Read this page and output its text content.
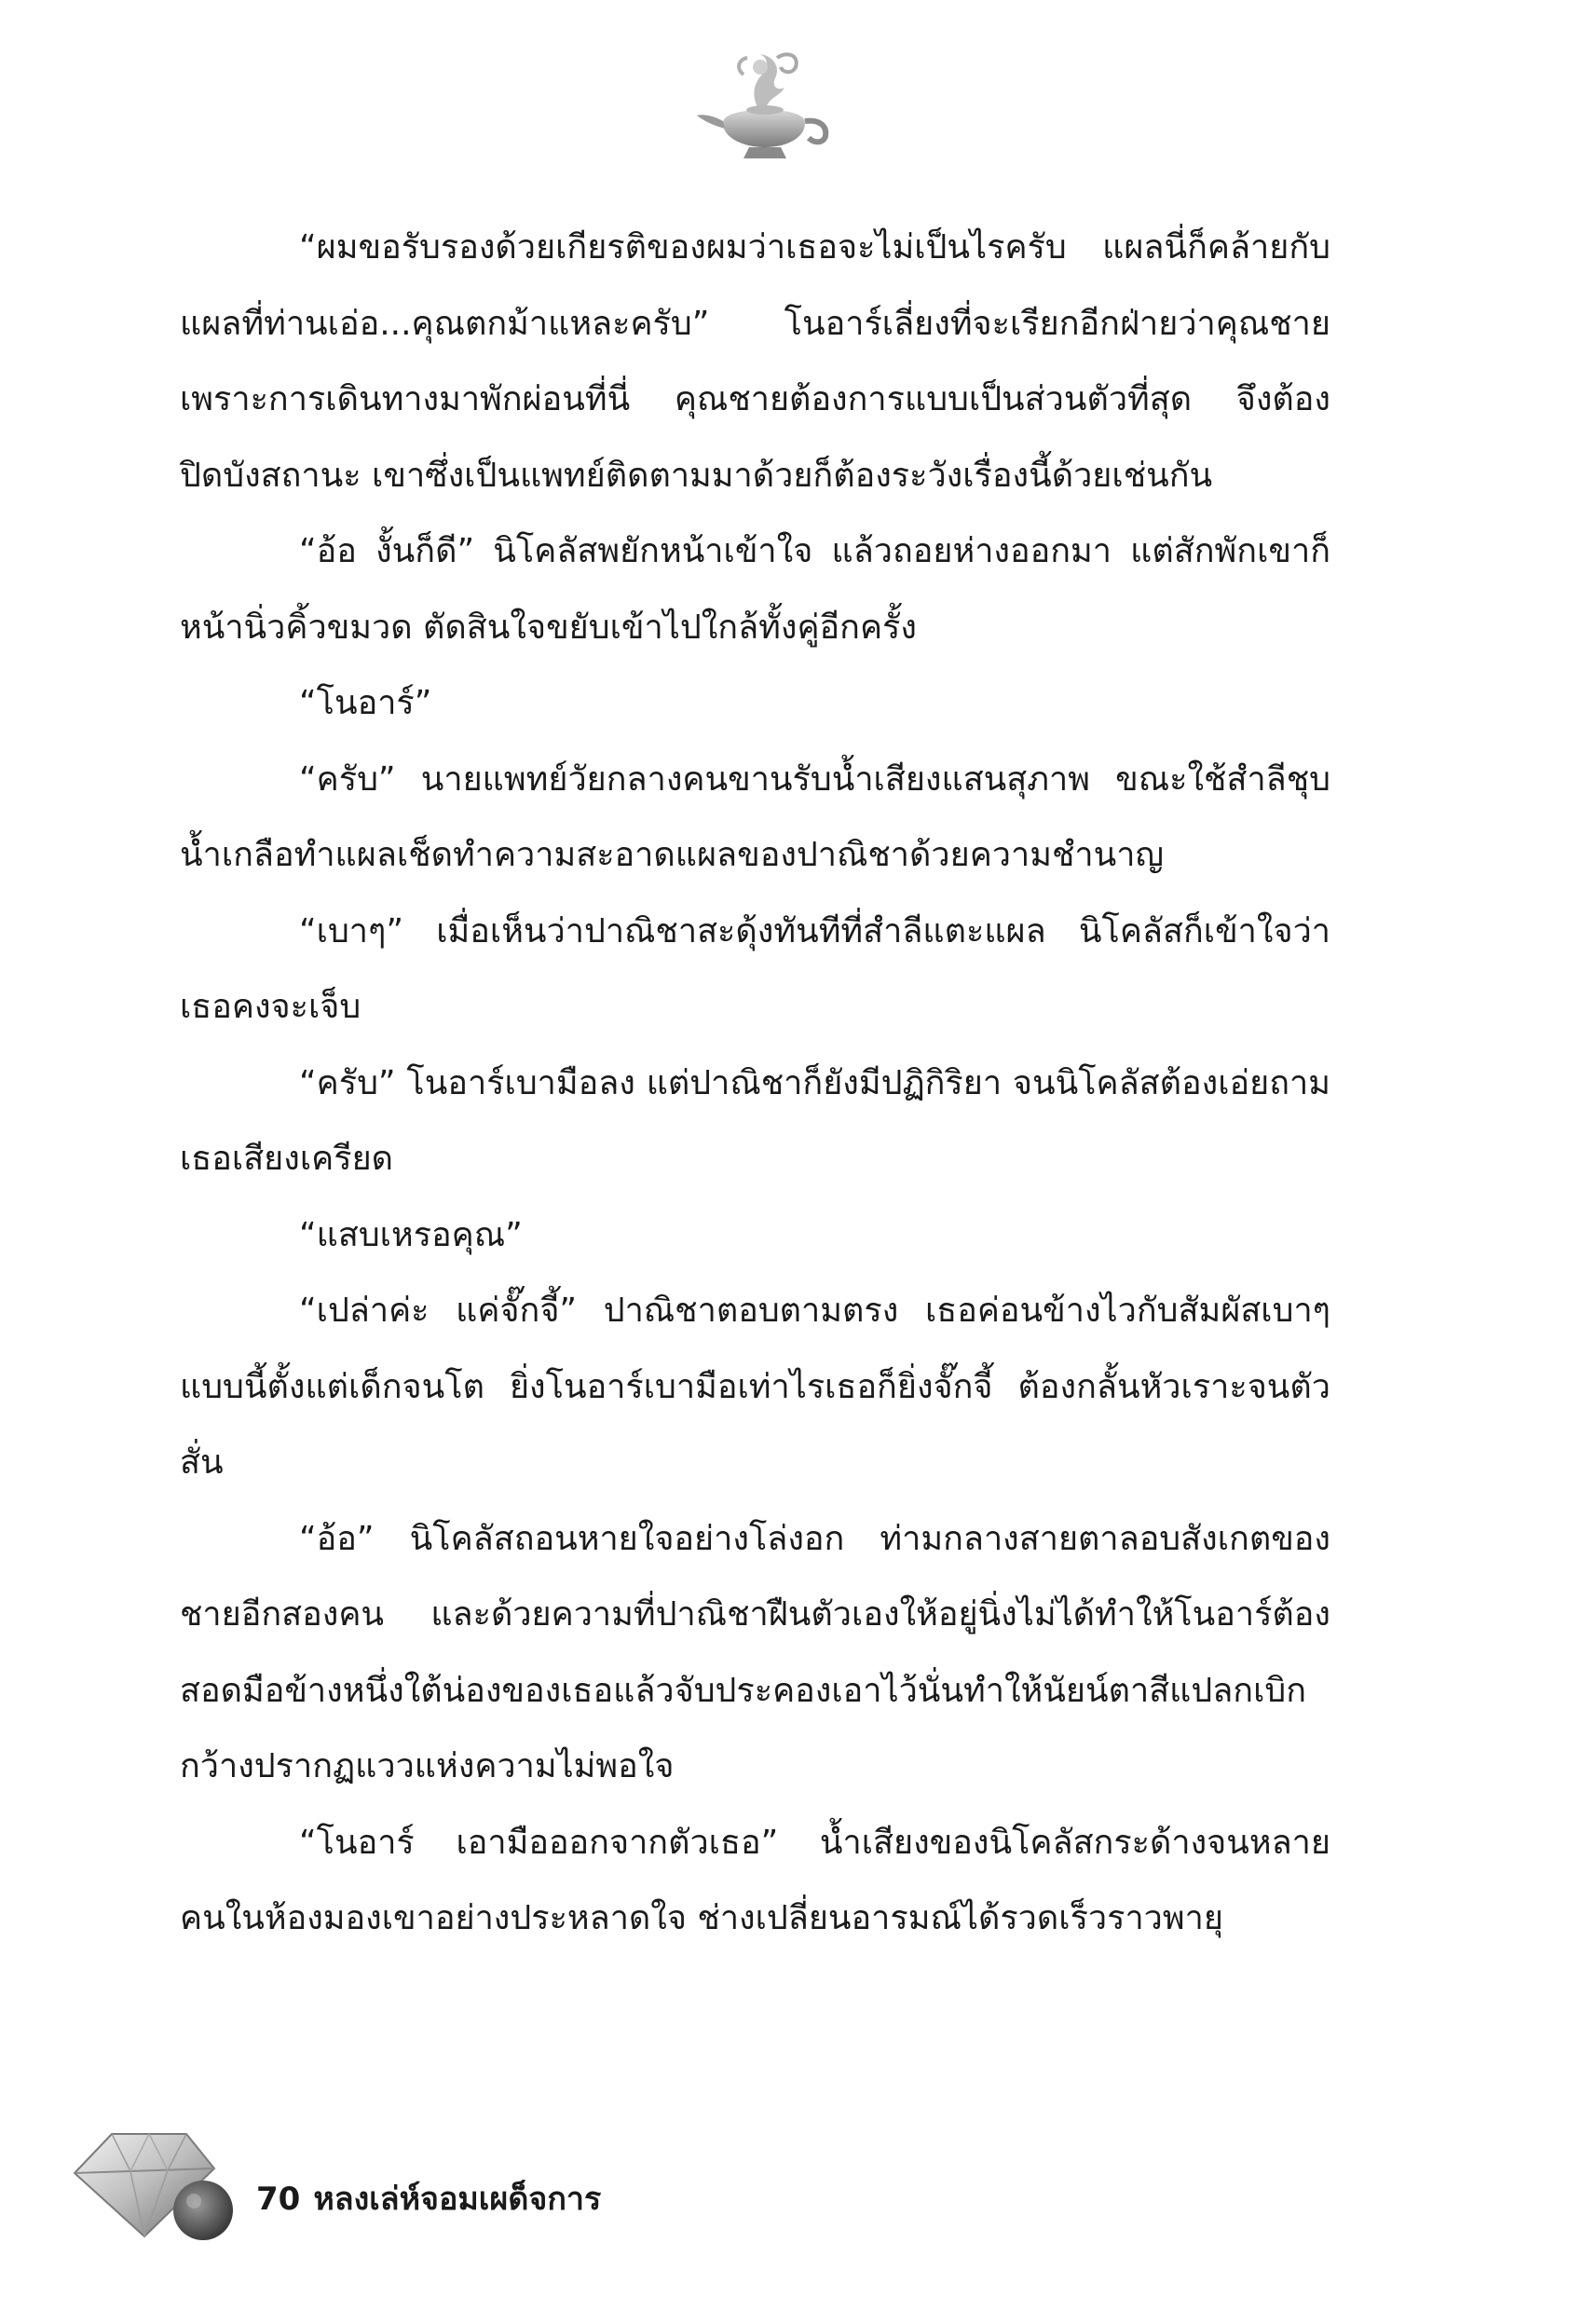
“ผมขอรับรองด้วยเกียรติของผมว่าเธอจะไม่เป็นไรครับ แผลนี่ก็คล้ายกับแผลที่ท่านเอ่อ...คุณตกม้าแหละครับ” โนอาร์เลี่ยงที่จะเรียกอีกฝ่ายว่าคุณชาย เพราะการเดินทางมาพักผ่อนที่นี่ คุณชายต้องการแบบเป็นส่วนตัวที่สุด จึงต้องปิดบังสถานะ เขาซึ่งเป็นแพทย์ติดตามมาด้วยก็ต้องระวังเรื่องนี้ด้วยเช่นกัน

“อ้อ งั้นก็ดี” นิโคลัสพยักหน้าเข้าใจ แล้วถอยห่างออกมา แต่สักพักเขาก็หน้านิ่วคิ้วขมวด ตัดสินใจขยับเข้าไปใกล้ทั้งคู่อีกครั้ง

“โนอาร์”

“ครับ” นายแพทย์วัยกลางคนขานรับน้ำเสียงแสนสุภาพ ขณะใช้สำลีชุบน้ำเกลือทำแผลเช็ดทำความสะอาดแผลของปาณิชาด้วยความชำนาญ

“เบาๆ” เมื่อเห็นว่าปาณิชาสะดุ้งทันทีที่สำลีแตะแผล นิโคลัสก็เข้าใจว่าเธอคงจะเจ็บ

“ครับ” โนอาร์เบามือลง แต่ปาณิชาก็ยังมีปฏิกิริยา จนนิโคลัสต้องเอ่ยถามเธอเสียงเครียด

“แสบเหรอคุณ”

“เปล่าค่ะ แค่จั๊กจี้” ปาณิชาตอบตามตรง เธอค่อนข้างไวกับสัมผัสเบาๆ แบบนี้ตั้งแต่เด็กจนโต ยิ่งโนอาร์เบามือเท่าไรเธอก็ยิ่งจั๊กจี้ ต้องกลั้นหัวเราะจนตัวสั่น

“อ้อ” นิโคลัสถอนหายใจอย่างโล่งอก ท่ามกลางสายตาลอบสังเกตของชายอีกสองคน และด้วยความที่ปาณิชาฝืนตัวเองให้อยู่นิ่งไม่ได้ทำให้โนอาร์ต้องสอดมือข้างหนึ่งใต้น่องของเธอแล้วจับประคองเอาไว้นั่นทำให้นัยน์ตาสีแปลกเบิกกว้างปรากฏแววแห่งความไม่พอใจ

“โนอาร์ เอามือออกจากตัวเธอ” น้ำเสียงของนิโคลัสกระด้างจนหลายคนในห้องมองเขาอย่างประหลาดใจ ช่างเปลี่ยนอารมณ์ได้รวดเร็วราวพายุ

70 หลงเล่ห์จอมเผด็จการ
